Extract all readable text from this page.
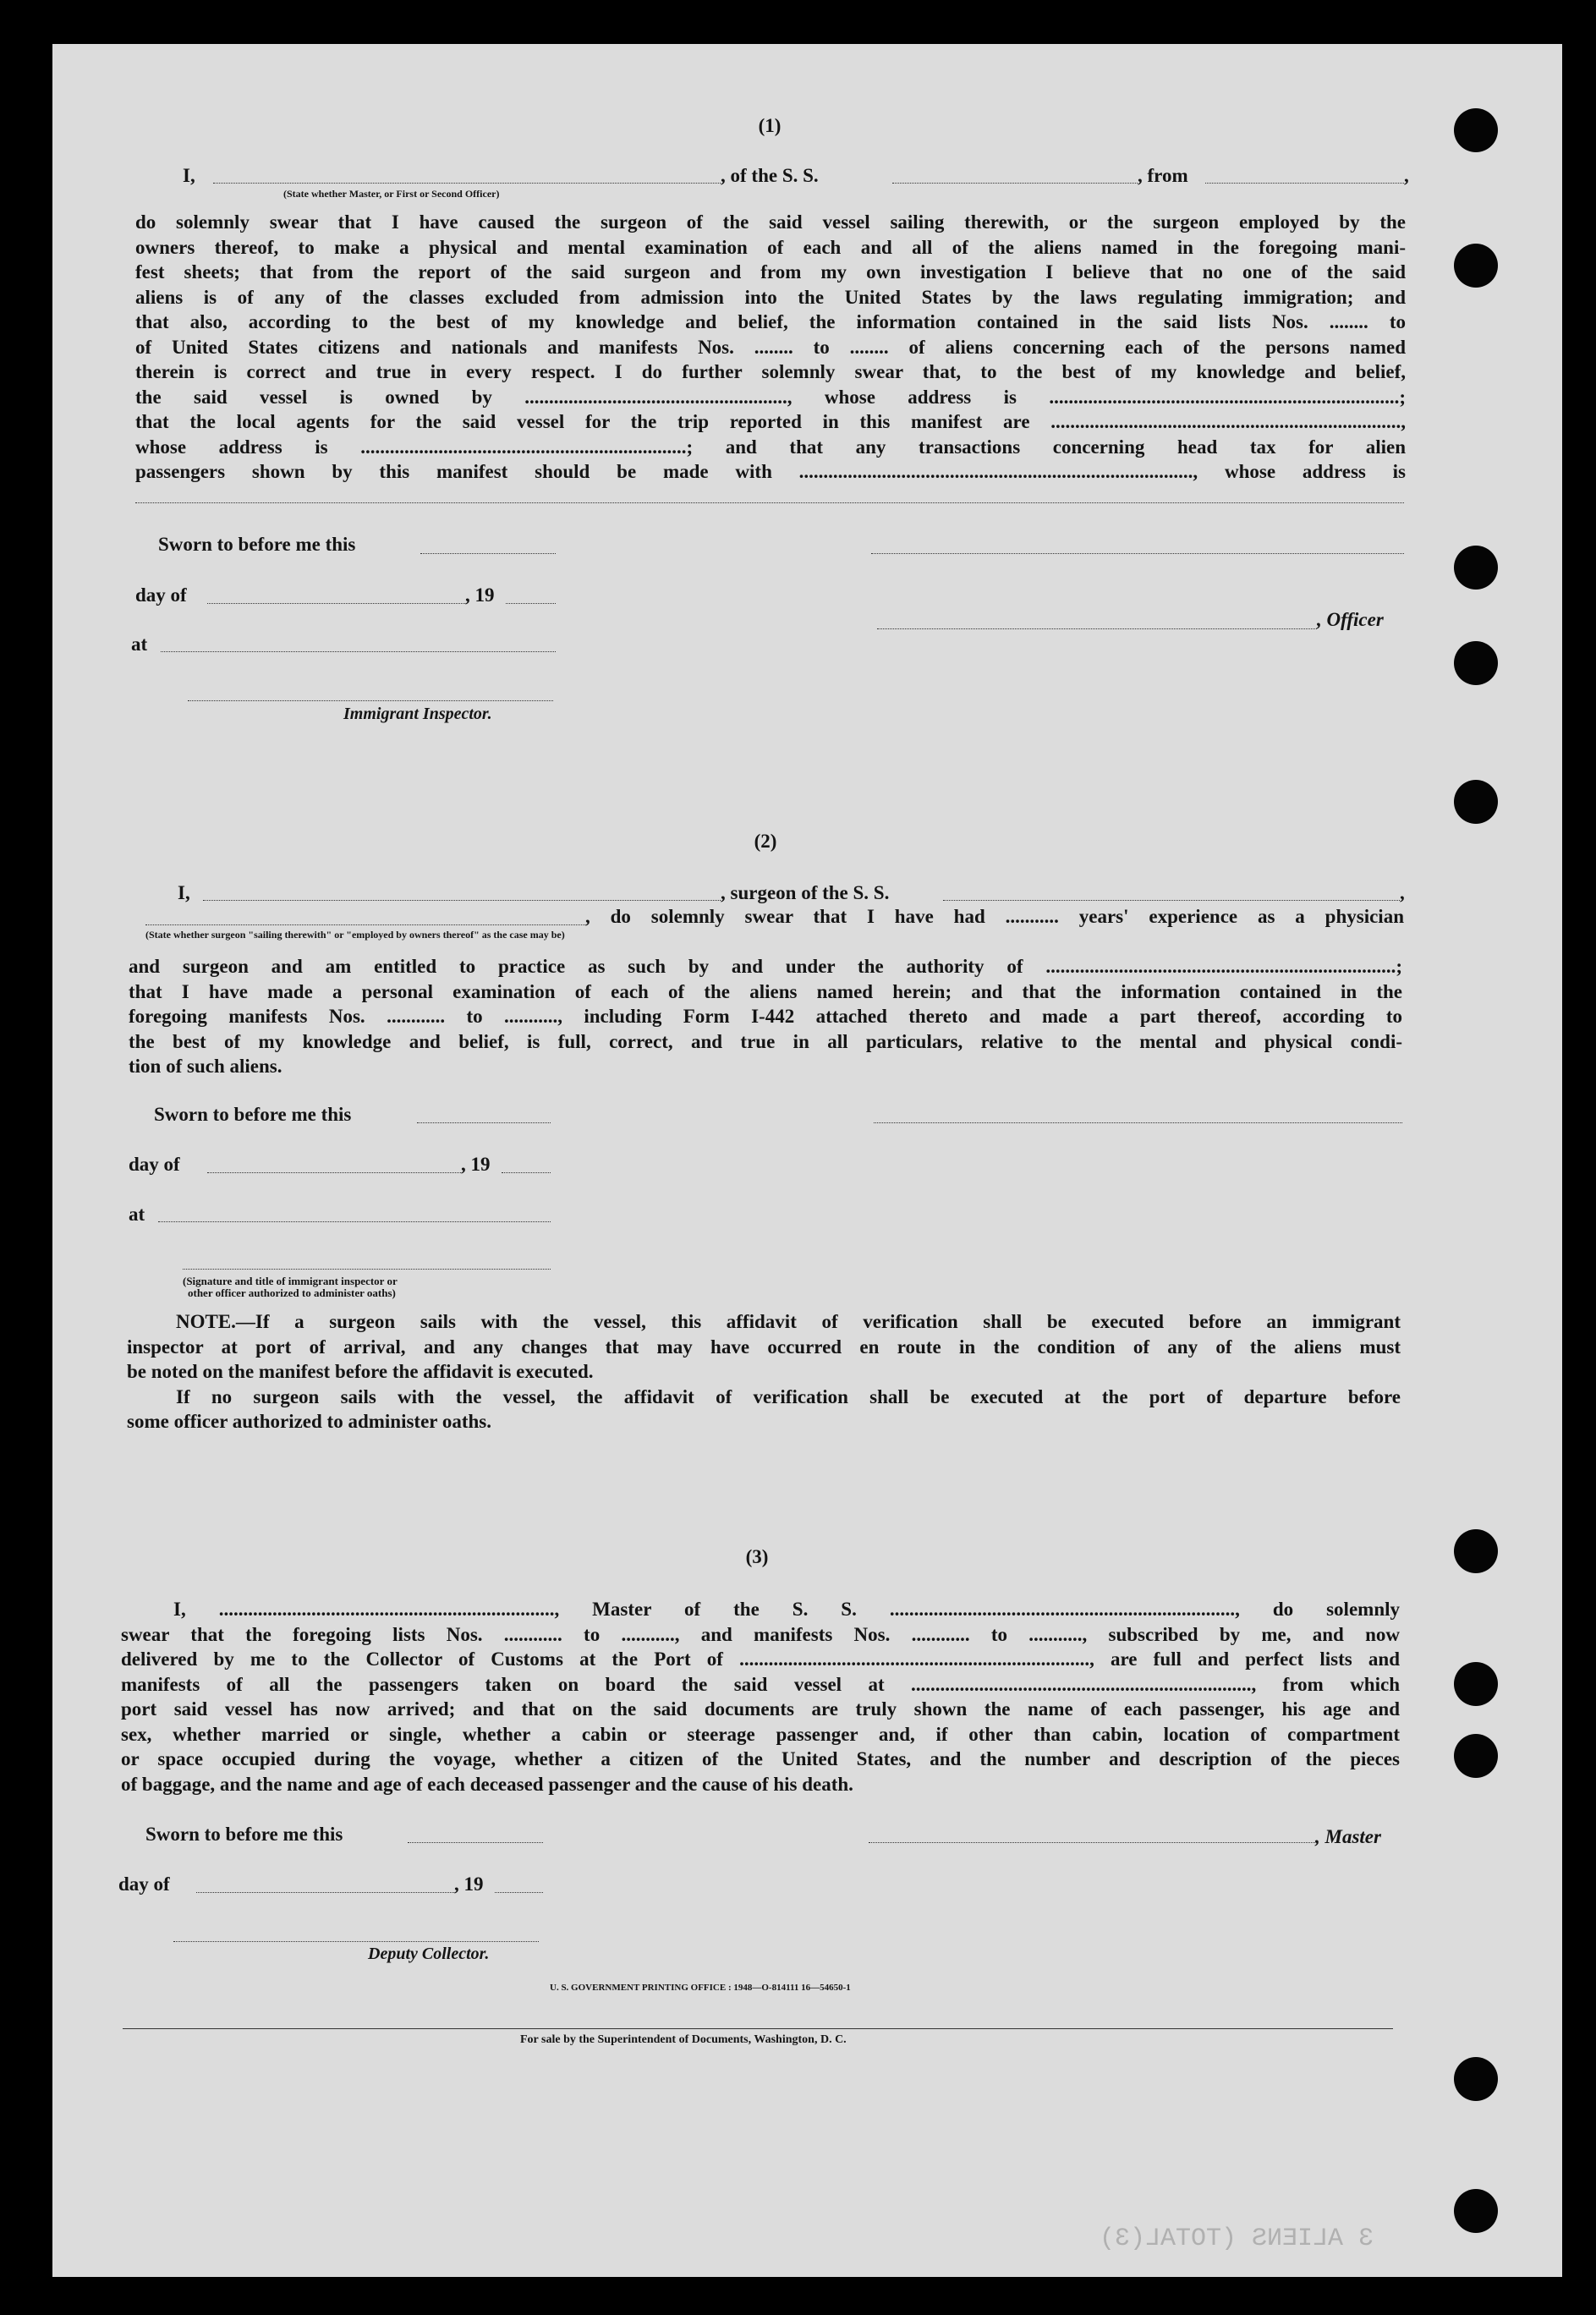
(1)
I,
(State whether Master, or First or Second Officer)
, of the S. S.	, from	,
do solemnly swear that I have caused the surgeon of the said vessel sailing therewith, or the surgeon employed by the
owners thereof, to make a physical and mental examination of each and all of the aliens named in the foregoing mani-
fest sheets; that from the report of the said surgeon and from my own investigation I believe that no one of the said
aliens is of any of the classes excluded from admission into the United States by the laws regulating immigration; and
that also, according to the best of my knowledge and belief, the information contained in the said lists Nos. ........ to
of United States citizens and nationals and manifests Nos. ........ to ........ of aliens concerning each of the persons named
therein is correct and true in every respect. I do further solemnly swear that, to the best of my knowledge and belief,
the said vessel is owned by ......................................................, whose address is ........................................................................;
that the local agents for the said vessel for the trip reported in this manifest are ........................................................................,
whose address is ...................................................................; and that any transactions concerning head tax for alien
passengers shown by this manifest should be made with ................................................................................., whose address is
Sworn to before me this
day of	, 19
at
Immigrant Inspector.
, Officer
(2)
I,	, surgeon of the S. S.	,
, do solemnly swear that I have had ........... years' experience as a physician
(State whether surgeon "sailing therewith" or "employed by owners thereof" as the case may be)
and surgeon and am entitled to practice as such by and under the authority of ........................................................................;
that I have made a personal examination of each of the aliens named herein; and that the information contained in the
foregoing manifests Nos. ............ to ..........., including Form I-442 attached thereto and made a part thereof, according to
the best of my knowledge and belief, is full, correct, and true in all particulars, relative to the mental and physical condi-
tion of such aliens.
Sworn to before me this
day of	, 19
at
(Signature and title of immigrant inspector or
other officer authorized to administer oaths)
NOTE.—If a surgeon sails with the vessel, this affidavit of verification shall be executed before an immigrant
inspector at port of arrival, and any changes that may have occurred en route in the condition of any of the aliens must
be noted on the manifest before the affidavit is executed.
If no surgeon sails with the vessel, the affidavit of verification shall be executed at the port of departure before
some officer authorized to administer oaths.
(3)
I, ....................................................................., Master of the S. S. ......................................................................., do solemnly
swear that the foregoing lists Nos. ............ to ..........., and manifests Nos. ............ to ..........., subscribed by me, and now
delivered by me to the Collector of Customs at the Port of ........................................................................, are full and perfect lists and
manifests of all the passengers taken on board the said vessel at ......................................................................, from which
port said vessel has now arrived; and that on the said documents are truly shown the name of each passenger, his age and
sex, whether married or single, whether a cabin or steerage passenger and, if other than cabin, location of compartment
or space occupied during the voyage, whether a citizen of the United States, and the number and description of the pieces
of baggage, and the name and age of each deceased passenger and the cause of his death.
Sworn to before me this	, Master
day of	, 19
Deputy Collector.
U. S. GOVERNMENT PRINTING OFFICE : 1948—O-814111 16—54650-1
For sale by the Superintendent of Documents, Washington, D. C.
3 ALIENS (TOTAL(3)
